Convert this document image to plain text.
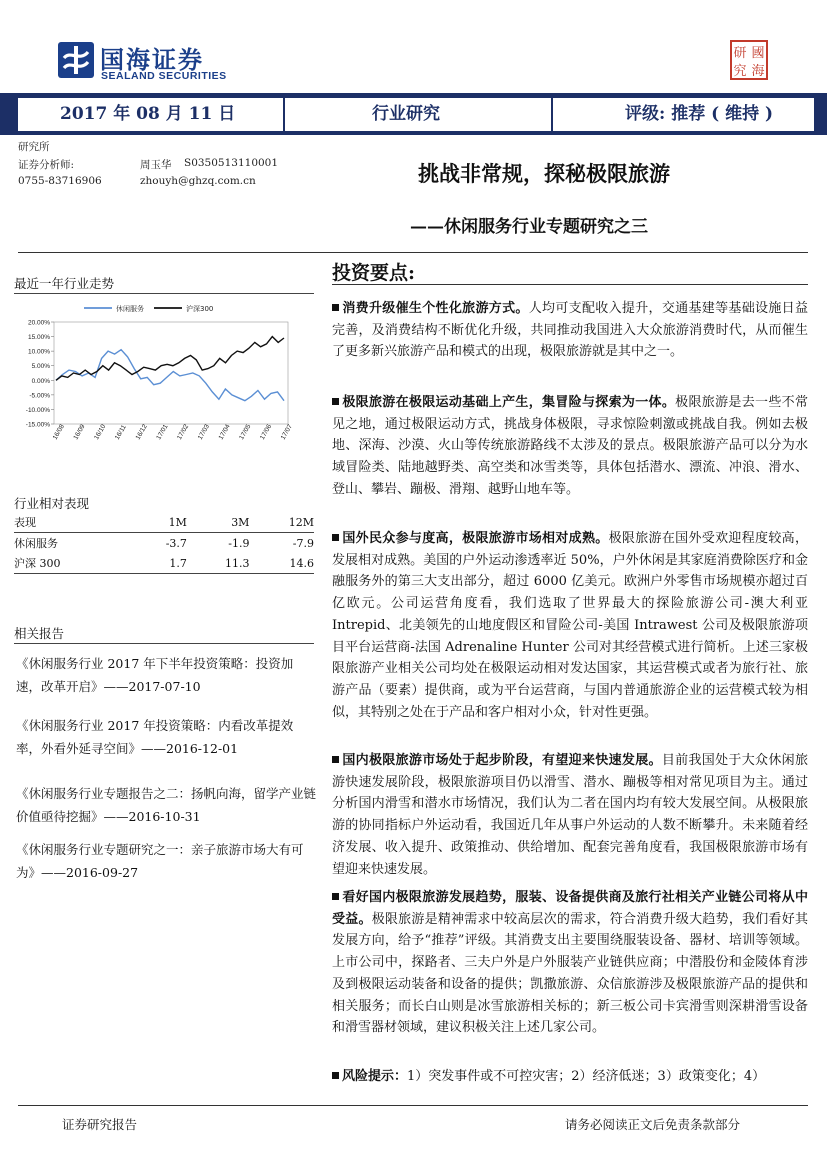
国海证券
SEALAND SECURITIES
研 國
究 海
2017 年 08 月 11 日	行业研究	评级: 推荐 ( 维持 )
研究所
证券分析师:
0755-83716906
周玉华 S0350513110001
zhouyh@ghzq.com.cn	挑战非常规，探秘极限旅游
——休闲服务行业专题研究之三
最近一年行业走势
20.00%
15.00%
10.00%
5.00%
0.00%
-5.00%
-10.00%
-15.00% 16/08 16/09 16/10 16/11 16/12 17/01 17/02 17/03 17/04 17/05 17/06 17/07
休闲服务	沪深300
行业相对表现
表现	1M	3M	12M
休闲服务	-3.7	-1.9	-7.9
沪深 300	1.7	11.3	14.6
相关报告
《休闲服务行业 2017 年下半年投资策略：投资加速，改革开启》——2017-07-10
《休闲服务行业 2017 年投资策略：内看改革提效率，外看外延寻空间》——2016-12-01
《休闲服务行业专题报告之二：扬帆向海，留学产业链价值亟待挖掘》——2016-10-31
《休闲服务行业专题研究之一：亲子旅游市场大有可为》——2016-09-27
投资要点:
消费升级催生个性化旅游方式。人均可支配收入提升，交通基建等基础设施日益完善，及消费结构不断优化升级，共同推动我国进入大众旅游消费时代，从而催生了更多新兴旅游产品和模式的出现，极限旅游就是其中之一。
极限旅游在极限运动基础上产生，集冒险与探索为一体。极限旅游是去一些不常见之地，通过极限运动方式，挑战身体极限，寻求惊险刺激或挑战自我。例如去极地、深海、沙漠、火山等传统旅游路线不太涉及的景点。极限旅游产品可以分为水域冒险类、陆地越野类、高空类和冰雪类等，具体包括潜水、漂流、冲浪、滑水、登山、攀岩、蹦极、滑翔、越野山地车等。
国外民众参与度高，极限旅游市场相对成熟。极限旅游在国外受欢迎程度较高，发展相对成熟。美国的户外运动渗透率近 50%，户外休闲是其家庭消费除医疗和金融服务外的第三大支出部分，超过 6000 亿美元。欧洲户外零售市场规模亦超过百亿欧元。公司运营角度看，我们选取了世界最大的探险旅游公司-澳大利亚 Intrepid、北美领先的山地度假区和冒险公司-美国 Intrawest 公司及极限旅游项目平台运营商-法国 Adrenaline Hunter 公司对其经营模式进行简析。上述三家极限旅游产业相关公司均处在极限运动相对发达国家，其运营模式或者为旅行社、旅游产品（要素）提供商，或为平台运营商，与国内普通旅游企业的运营模式较为相似，其特别之处在于产品和客户相对小众，针对性更强。
国内极限旅游市场处于起步阶段，有望迎来快速发展。目前我国处于大众休闲旅游快速发展阶段，极限旅游项目仍以滑雪、潜水、蹦极等相对常见项目为主。通过分析国内滑雪和潜水市场情况，我们认为二者在国内均有较大发展空间。从极限旅游的协同指标户外运动看，我国近几年从事户外运动的人数不断攀升。未来随着经济发展、收入提升、政策推动、供给增加、配套完善角度看，我国极限旅游市场有望迎来快速发展。
看好国内极限旅游发展趋势，服装、设备提供商及旅行社相关产业链公司将从中受益。极限旅游是精神需求中较高层次的需求，符合消费升级大趋势，我们看好其发展方向，给予“推荐”评级。其消费支出主要围绕服装设备、器材、培训等领域。上市公司中，探路者、三夫户外是户外服装产业链供应商；中潜股份和金陵体育涉及到极限运动装备和设备的提供；凯撒旅游、众信旅游涉及极限旅游产品的提供和相关服务；而长白山则是冰雪旅游相关标的；新三板公司卡宾滑雪则深耕滑雪设备和滑雪器材领域，建议积极关注上述几家公司。
风险提示：1）突发事件或不可控灾害；2）经济低迷；3）政策变化；4）
证券研究报告	请务必阅读正文后免责条款部分
